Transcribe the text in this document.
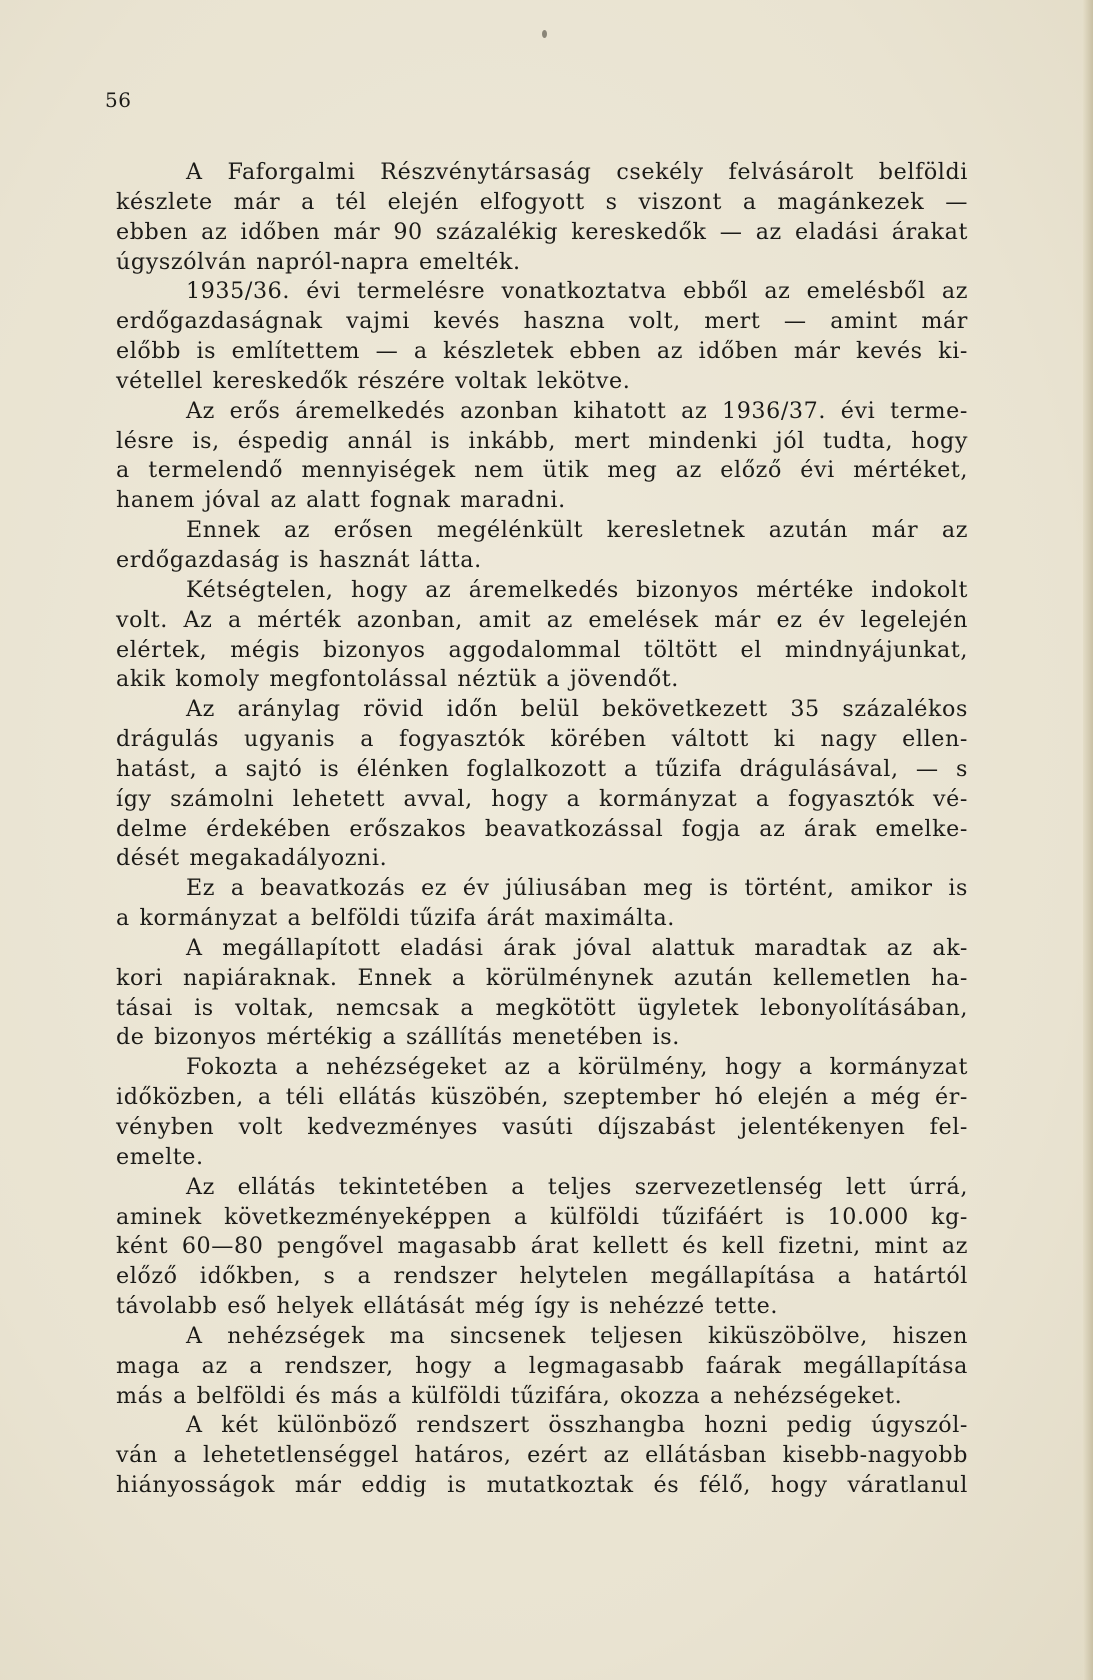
56
A Faforgalmi Részvénytársaság csekély felvásárolt belföldi
készlete már a tél elején elfogyott s viszont a magánkezek —
ebben az időben már 90 százalékig kereskedők — az eladási árakat
úgyszólván napról-napra emelték.
1935/36. évi termelésre vonatkoztatva ebből az emelésből az
erdőgazdaságnak vajmi kevés haszna volt, mert — amint már
előbb is említettem — a készletek ebben az időben már kevés ki-
vétellel kereskedők részére voltak lekötve.
Az erős áremelkedés azonban kihatott az 1936/37. évi terme-
lésre is, éspedig annál is inkább, mert mindenki jól tudta, hogy
a termelendő mennyiségek nem ütik meg az előző évi mértéket,
hanem jóval az alatt fognak maradni.
Ennek az erősen megélénkült keresletnek azután már az
erdőgazdaság is hasznát látta.
Kétségtelen, hogy az áremelkedés bizonyos mértéke indokolt
volt. Az a mérték azonban, amit az emelések már ez év legelején
elértek, mégis bizonyos aggodalommal töltött el mindnyájunkat,
akik komoly megfontolással néztük a jövendőt.
Az aránylag rövid időn belül bekövetkezett 35 százalékos
drágulás ugyanis a fogyasztók körében váltott ki nagy ellen-
hatást, a sajtó is élénken foglalkozott a tűzifa drágulásával, — s
így számolni lehetett avval, hogy a kormányzat a fogyasztók vé-
delme érdekében erőszakos beavatkozással fogja az árak emelke-
dését megakadályozni.
Ez a beavatkozás ez év júliusában meg is történt, amikor is
a kormányzat a belföldi tűzifa árát maximálta.
A megállapított eladási árak jóval alattuk maradtak az ak-
kori napiáraknak. Ennek a körülménynek azután kellemetlen ha-
tásai is voltak, nemcsak a megkötött ügyletek lebonyolításában,
de bizonyos mértékig a szállítás menetében is.
Fokozta a nehézségeket az a körülmény, hogy a kormányzat
időközben, a téli ellátás küszöbén, szeptember hó elején a még ér-
vényben volt kedvezményes vasúti díjszabást jelentékenyen fel-
emelte.
Az ellátás tekintetében a teljes szervezetlenség lett úrrá,
aminek következményeképpen a külföldi tűzifáért is 10.000 kg-
ként 60—80 pengővel magasabb árat kellett és kell fizetni, mint az
előző időkben, s a rendszer helytelen megállapítása a határtól
távolabb eső helyek ellátását még így is nehézzé tette.
A nehézségek ma sincsenek teljesen kiküszöbölve, hiszen
maga az a rendszer, hogy a legmagasabb faárak megállapítása
más a belföldi és más a külföldi tűzifára, okozza a nehézségeket.
A két különböző rendszert összhangba hozni pedig úgyszól-
ván a lehetetlenséggel határos, ezért az ellátásban kisebb-nagyobb
hiányosságok már eddig is mutatkoztak és félő, hogy váratlanul
